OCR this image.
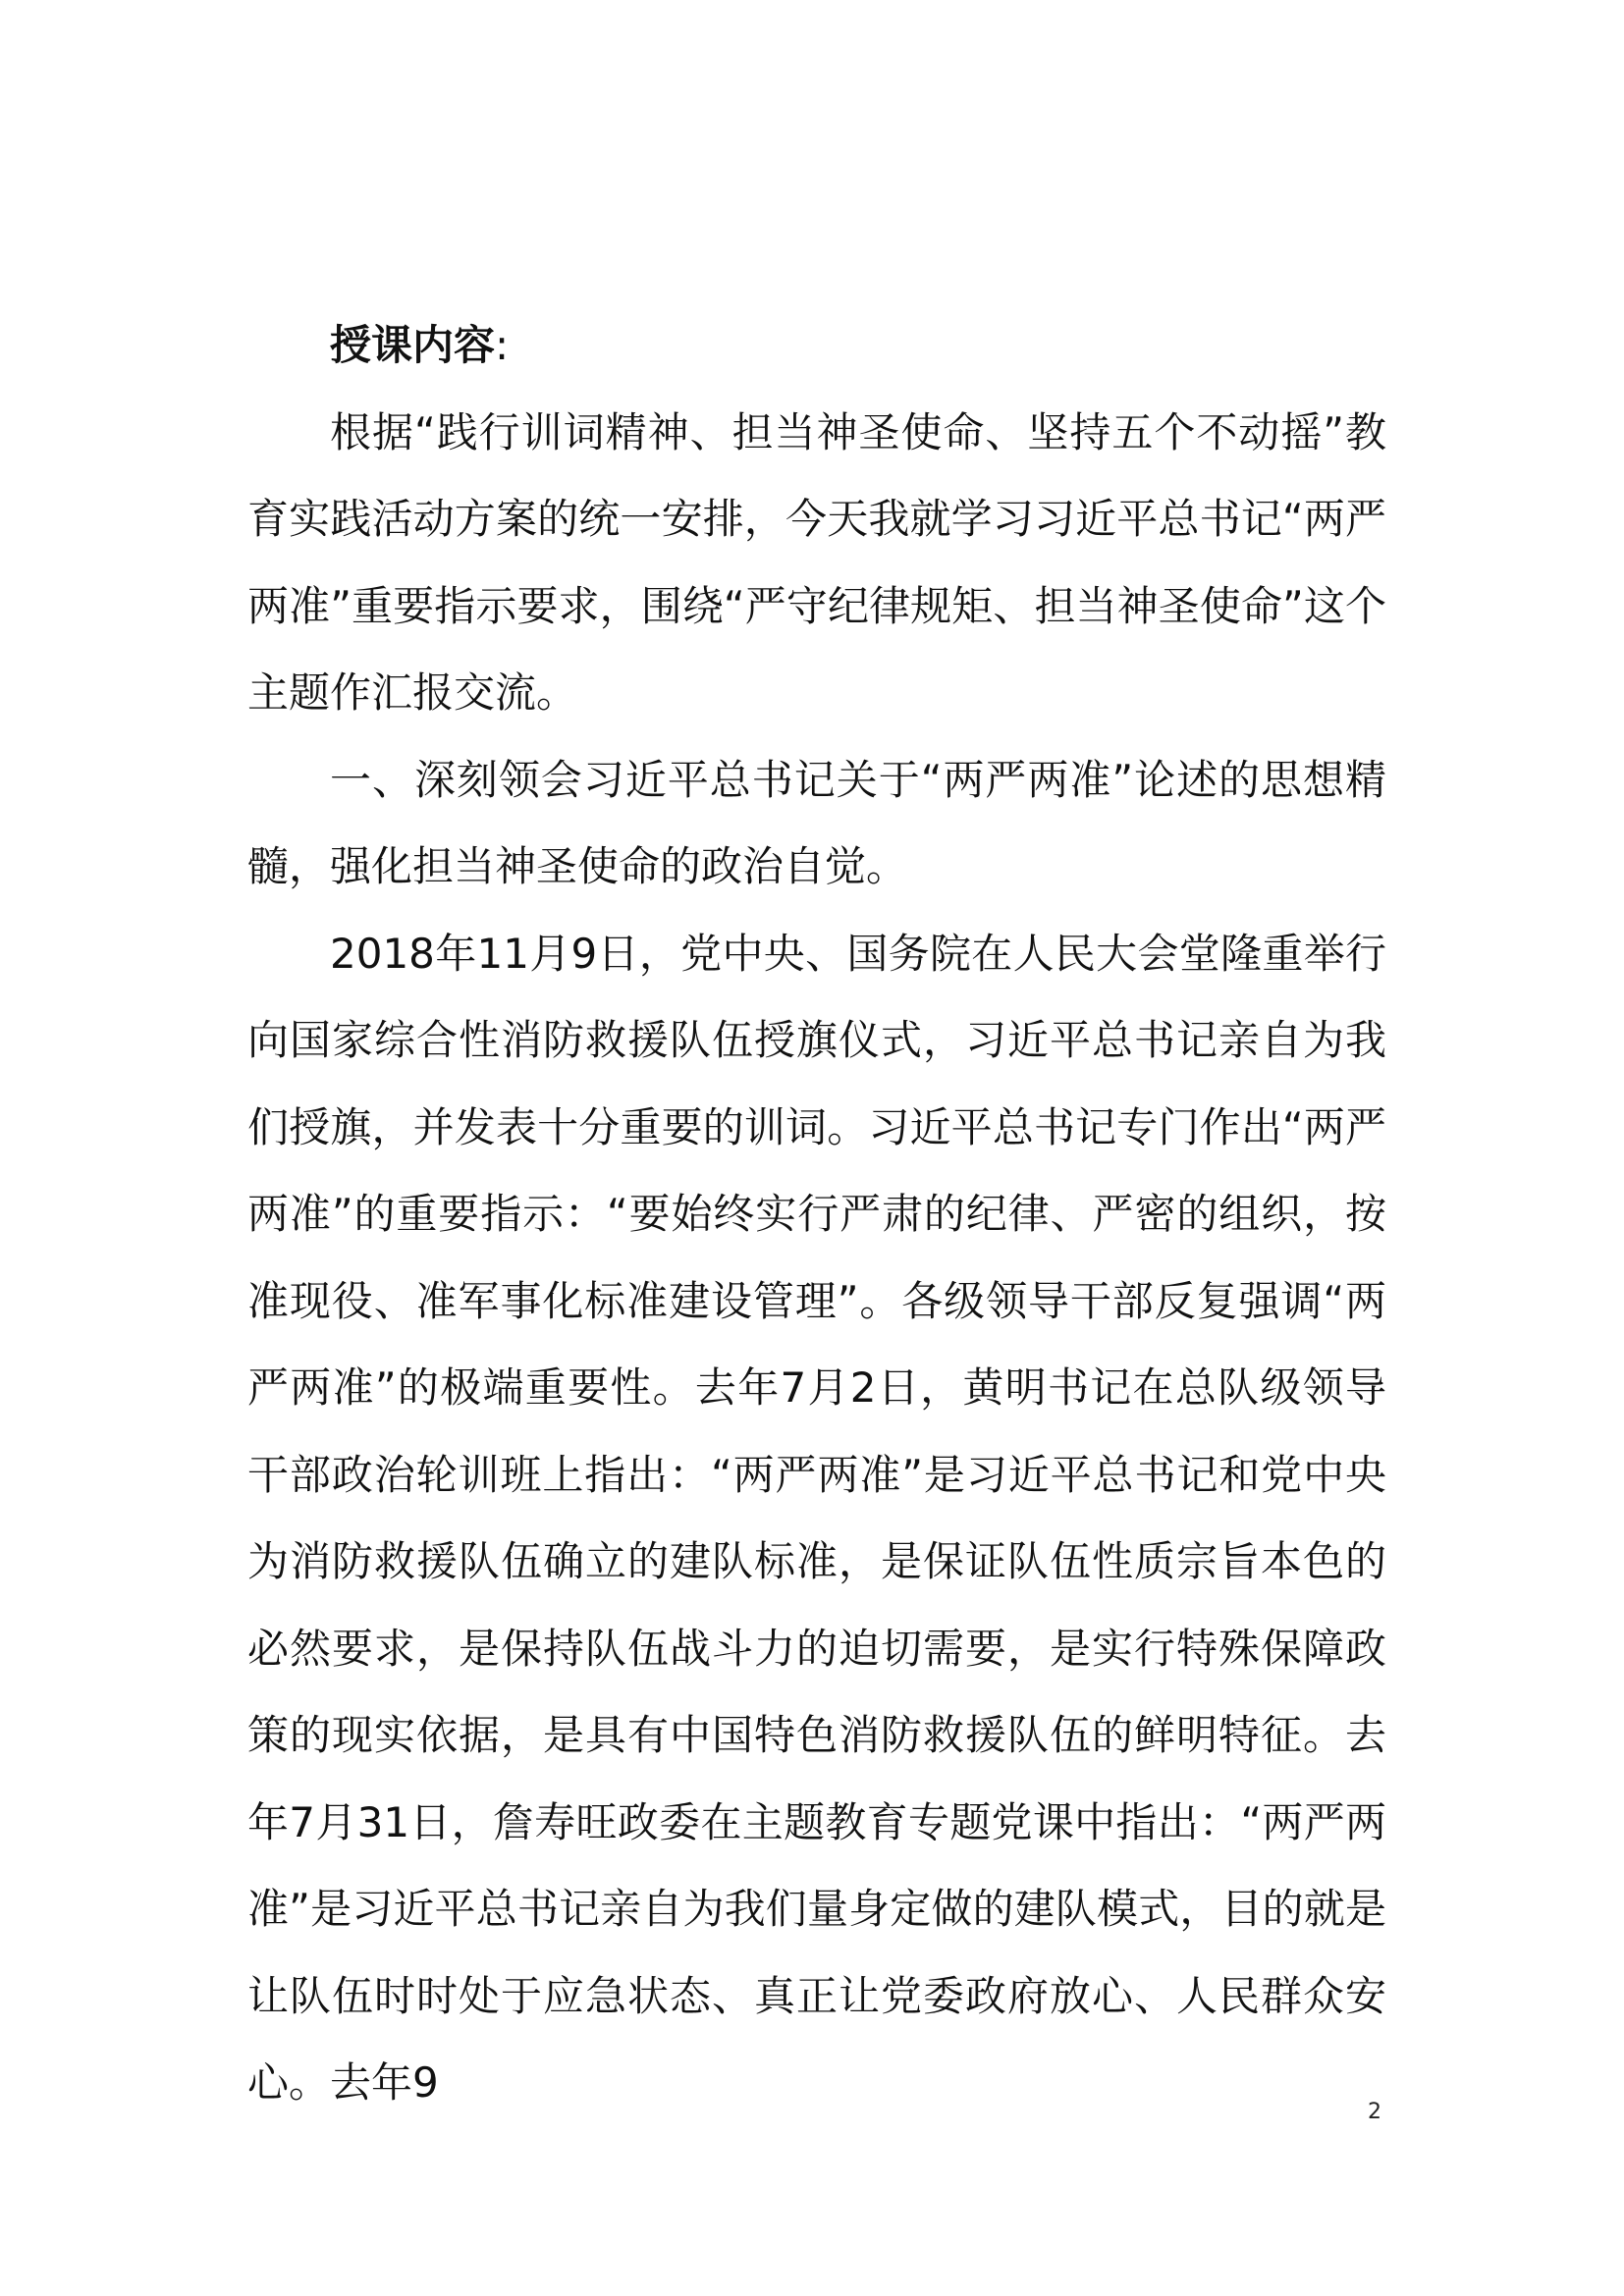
授课内容:

根据“践行训词精神、担当神圣使命、坚持五个不动摇”教育实践活动方案的统一安排，今天我就学习习近平总书记“两严两准”重要指示要求，围绕“严守纪律规矩、担当神圣使命”这个主题作汇报交流。

一、深刻领会习近平总书记关于“两严两准”论述的思想精髓，强化担当神圣使命的政治自觉。

2018年11月9日，党中央、国务院在人民大会堂隆重举行向国家综合性消防救援队伍授旗仪式，习近平总书记亲自为我们授旗，并发表十分重要的训词。习近平总书记专门作出“两严两准”的重要指示：“要始终实行严肃的纪律、严密的组织，按准现役、准军事化标准建设管理”。各级领导干部反复强调“两严两准”的极端重要性。去年7月2日，黄明书记在总队级领导干部政治轮训班上指出：“两严两准”是习近平总书记和党中央为消防救援队伍确立的建队标准，是保证队伍性质宗旨本色的必然要求，是保持队伍战斗力的迫切需要，是实行特殊保障政策的现实依据，是具有中国特色消防救援队伍的鲜明特征。去年7月31日，詹寿旺政委在主题教育专题党课中指出：“两严两准”是习近平总书记亲自为我们量身定做的建队模式，目的就是让队伍时时处于应急状态、真正让党委政府放心、人民群众安心。去年9

2
